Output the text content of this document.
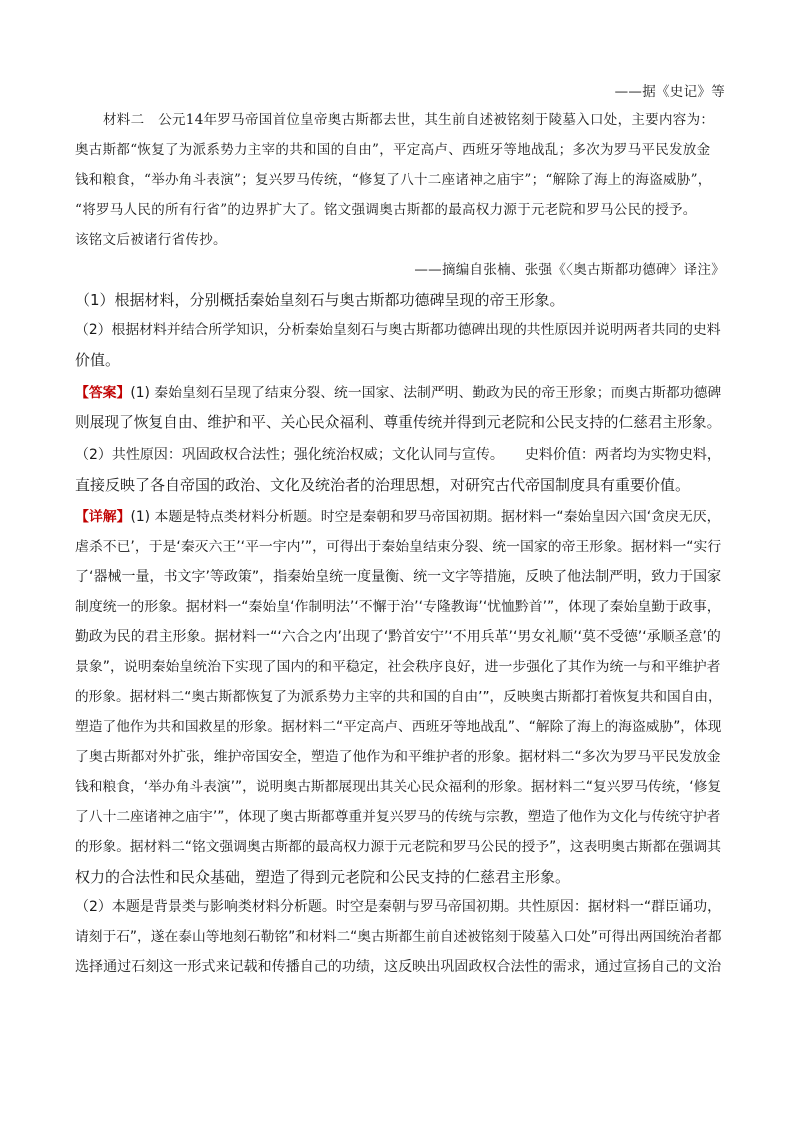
——据《史记》等
材料二　公元14年罗马帝国首位皇帝奥古斯都去世，其生前自述被铭刻于陵墓入口处，主要内容为：
奥古斯都“恢复了为派系势力主宰的共和国的自由”，平定高卢、西班牙等地战乱；多次为罗马平民发放金
钱和粮食，“举办角斗表演”；复兴罗马传统，“修复了八十二座诸神之庙宇”；“解除了海上的海盗威胁”，
“将罗马人民的所有行省”的边界扩大了。铭文强调奥古斯都的最高权力源于元老院和罗马公民的授予。
该铭文后被诸行省传抄。
——摘编自张楠、张强《〈奥古斯都功德碑〉译注》
（1）根据材料，分别概括秦始皇刻石与奥古斯都功德碑呈现的帝王形象。
（2）根据材料并结合所学知识，分析秦始皇刻石与奥古斯都功德碑出现的共性原因并说明两者共同的史料
价值。
【答案】(1) 秦始皇刻石呈现了结束分裂、统一国家、法制严明、勤政为民的帝王形象；而奥古斯都功德碑
则展现了恢复自由、维护和平、关心民众福利、尊重传统并得到元老院和公民支持的仁慈君主形象。
（2）共性原因：巩固政权合法性；强化统治权威；文化认同与宣传。　　史料价值：两者均为实物史料，
直接反映了各自帝国的政治、文化及统治者的治理思想，对研究古代帝国制度具有重要价值。
【详解】(1) 本题是特点类材料分析题。时空是秦朝和罗马帝国初期。据材料一“秦始皇因六国‘贪戾无厌，
虐杀不已’，于是‘秦灭六王’‘平一宇内’”，可得出于秦始皇结束分裂、统一国家的帝王形象。据材料一“实行
了‘器械一量，书文字’等政策”，指秦始皇统一度量衡、统一文字等措施，反映了他法制严明，致力于国家
制度统一的形象。据材料一“秦始皇‘作制明法’‘不懈于治’‘专隆教诲’‘忧恤黔首’”，体现了秦始皇勤于政事，
勤政为民的君主形象。据材料一“‘六合之内’出现了‘黔首安宁’‘不用兵革’‘男女礼顺’‘莫不受德’‘承顺圣意’的
景象”，说明秦始皇统治下实现了国内的和平稳定，社会秩序良好，进一步强化了其作为统一与和平维护者
的形象。据材料二“奥古斯都恢复了为派系势力主宰的共和国的自由’”，反映奥古斯都打着恢复共和国自由，
塑造了他作为共和国救星的形象。据材料二“平定高卢、西班牙等地战乱”、“解除了海上的海盗威胁”，体现
了奥古斯都对外扩张，维护帝国安全，塑造了他作为和平维护者的形象。据材料二“多次为罗马平民发放金
钱和粮食，‘举办角斗表演’”，说明奥古斯都展现出其关心民众福利的形象。据材料二“复兴罗马传统，‘修复
了八十二座诸神之庙宇’”，体现了奥古斯都尊重并复兴罗马的传统与宗教，塑造了他作为文化与传统守护者
的形象。据材料二“铭文强调奥古斯都的最高权力源于元老院和罗马公民的授予”，这表明奥古斯都在强调其
权力的合法性和民众基础，塑造了得到元老院和公民支持的仁慈君主形象。
（2）本题是背景类与影响类材料分析题。时空是秦朝与罗马帝国初期。共性原因：据材料一“群臣诵功，
请刻于石”，遂在泰山等地刻石勒铭”和材料二“奥古斯都生前自述被铭刻于陵墓入口处”可得出两国统治者都
选择通过石刻这一形式来记载和传播自己的功绩，这反映出巩固政权合法性的需求，通过宣扬自己的文治
